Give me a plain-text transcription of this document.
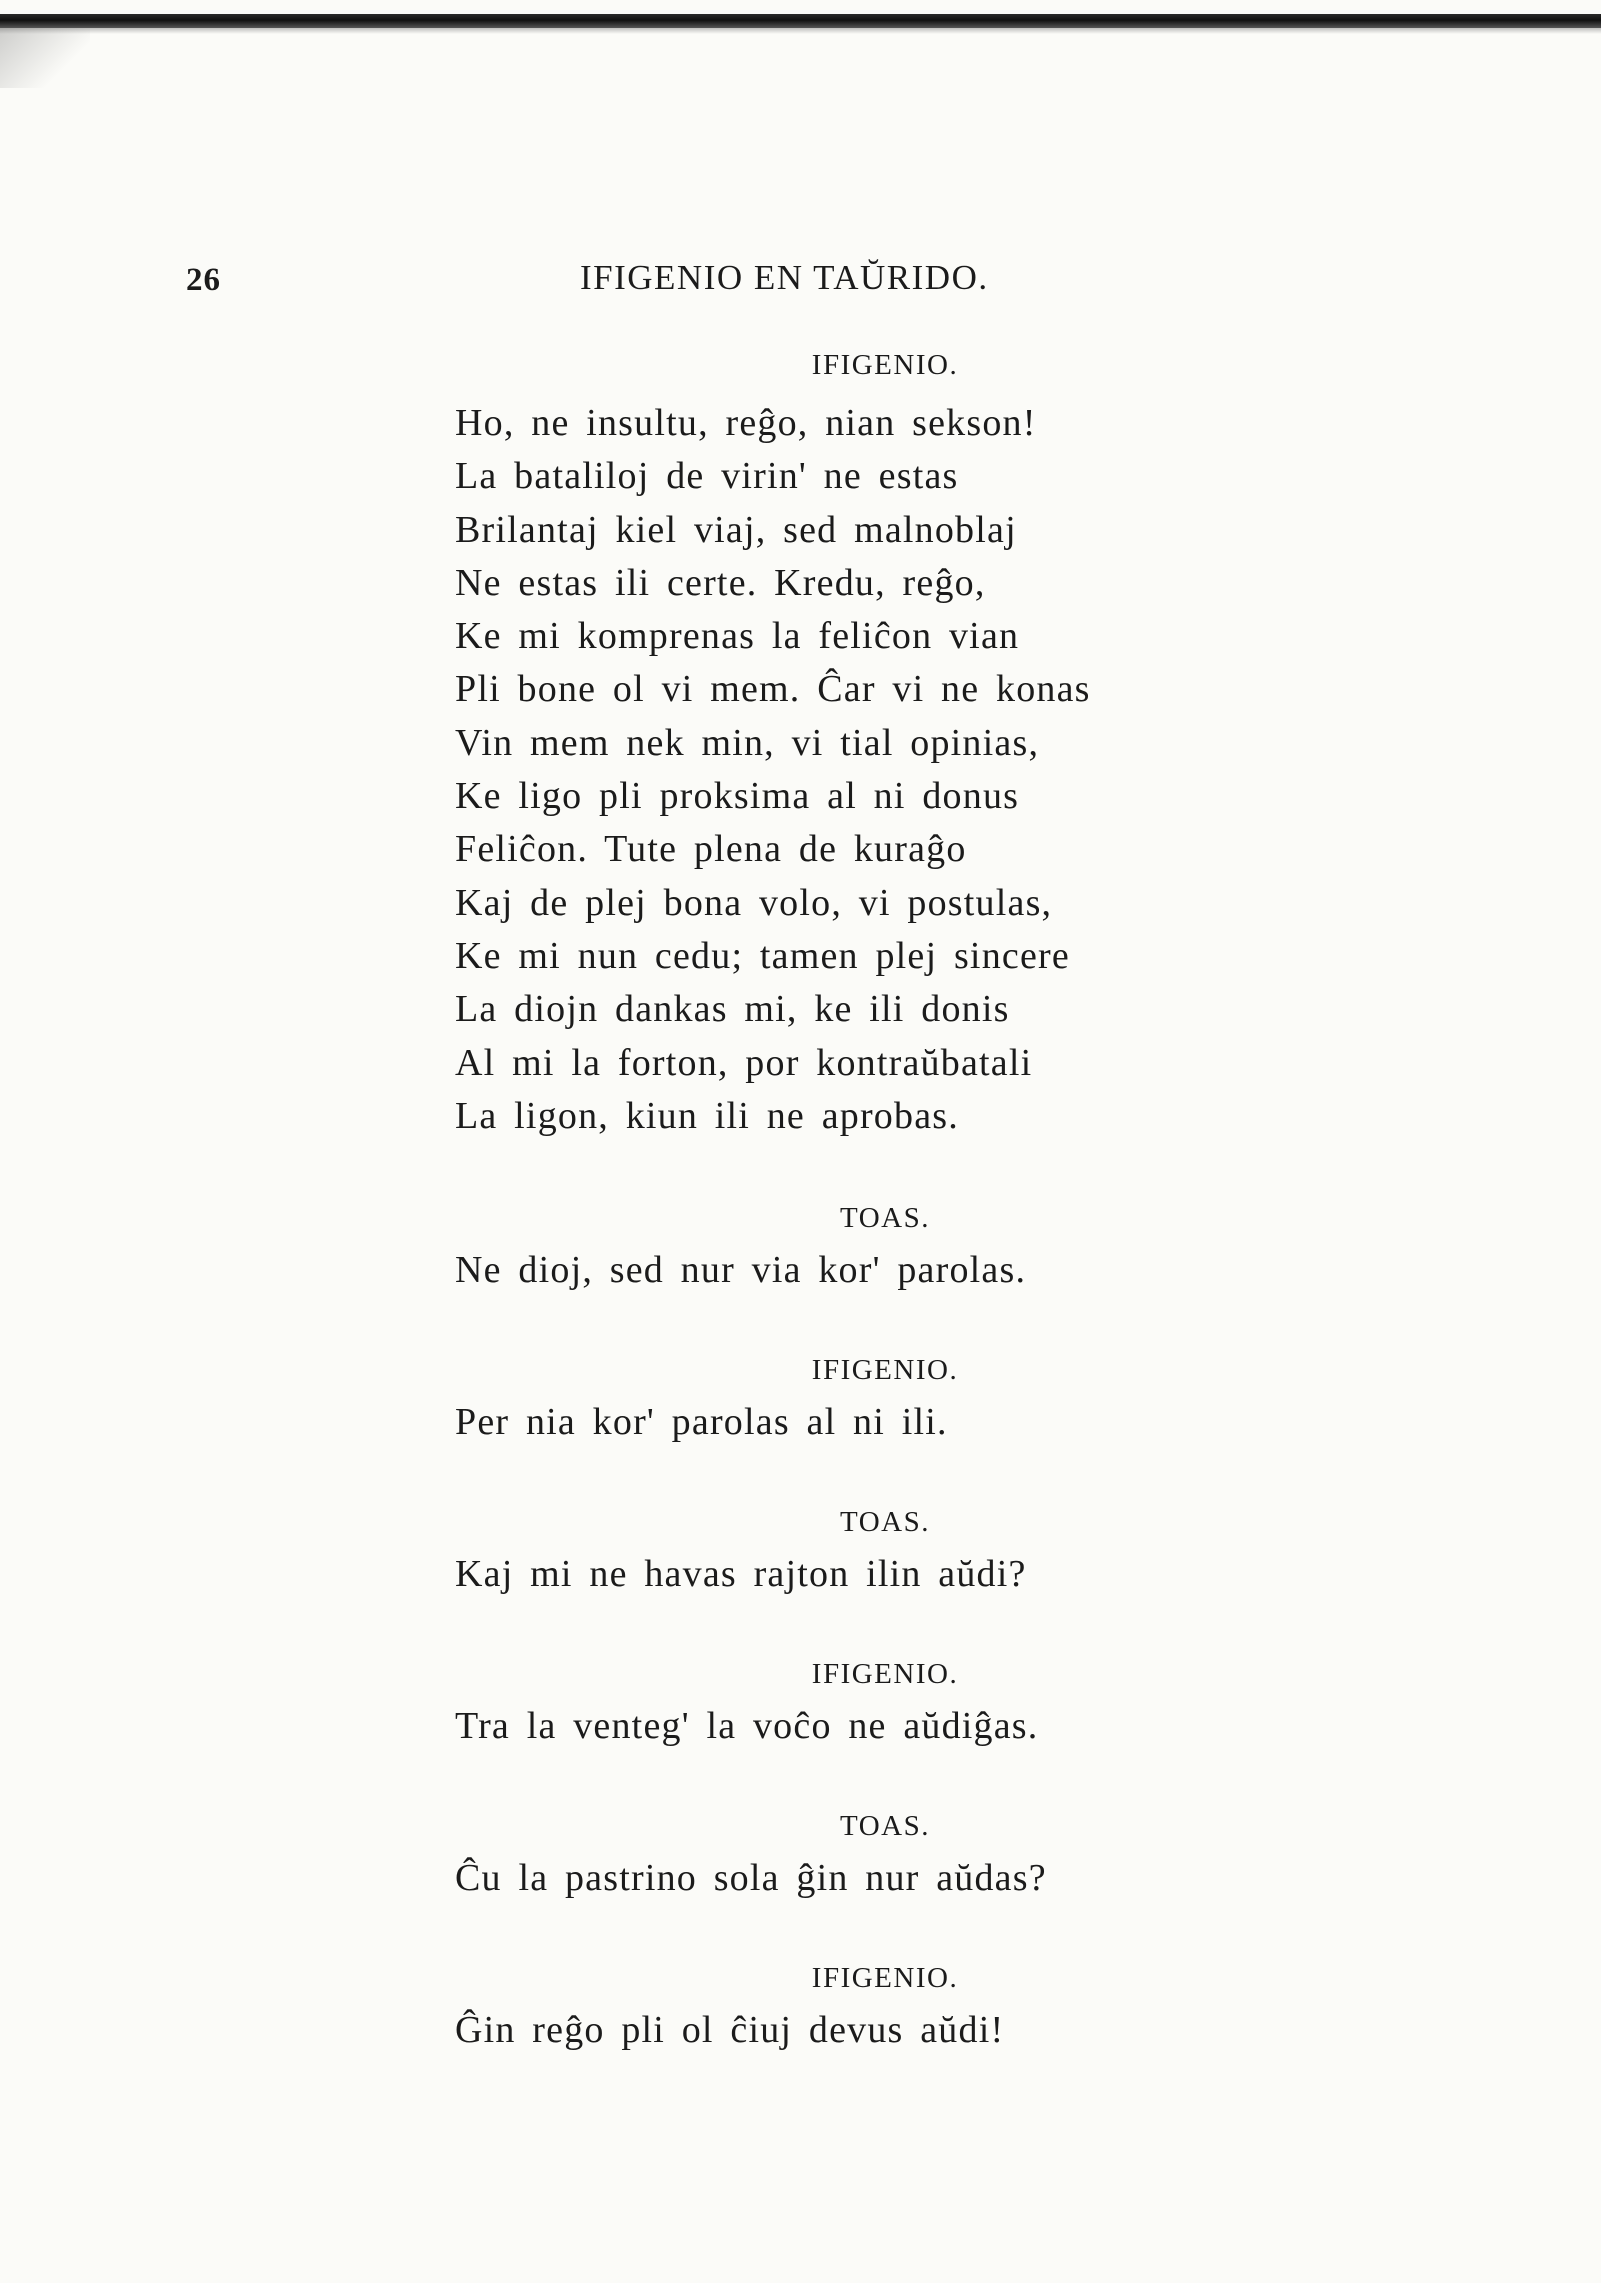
26	IFIGENIO EN TAŬRIDO.
IFIGENIO.
Ho, ne insultu, reĝo, nian sekson!
La bataliloj de virin' ne estas
Brilantaj kiel viaj, sed malnoblaj
Ne estas ili certe. Kredu, reĝo,
Ke mi komprenas la feliĉon vian
Pli bone ol vi mem. Ĉar vi ne konas
Vin mem nek min, vi tial opinias,
Ke ligo pli proksima al ni donus
Feliĉon. Tute plena de kuraĝo
Kaj de plej bona volo, vi postulas,
Ke mi nun cedu; tamen plej sincere
La diojn dankas mi, ke ili donis
Al mi la forton, por kontraŭbatali
La ligon, kiun ili ne aprobas.
TOAS.
Ne dioj, sed nur via kor' parolas.
IFIGENIO.
Per nia kor' parolas al ni ili.
TOAS.
Kaj mi ne havas rajton ilin aŭdi?
IFIGENIO.
Tra la venteg' la voĉo ne aŭdiĝas.
TOAS.
Ĉu la pastrino sola ĝin nur aŭdas?
IFIGENIO.
Ĝin reĝo pli ol ĉiuj devus aŭdi!
